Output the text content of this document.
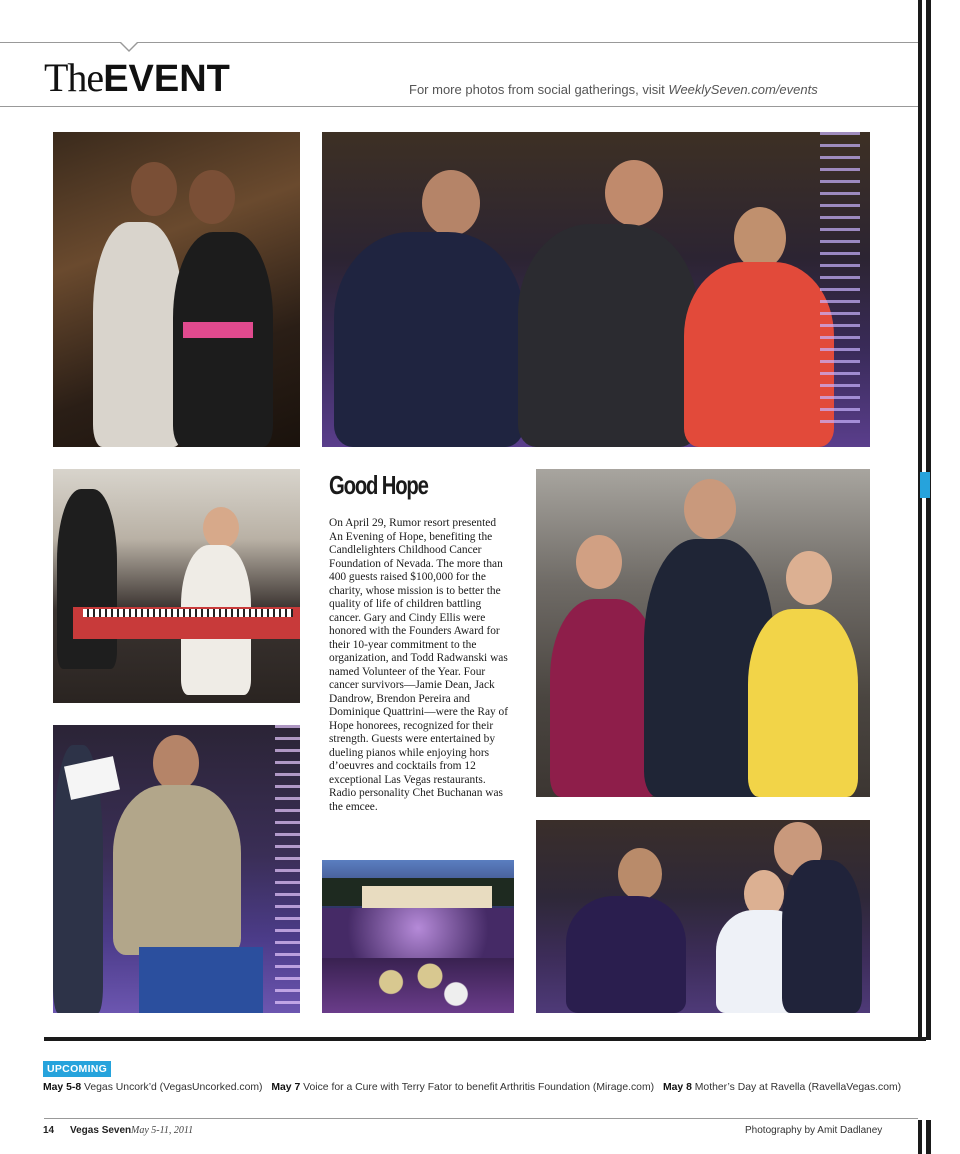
TheEVENT	For more photos from social gatherings, visit WeeklySeven.com/events
Good Hope

On April 29, Rumor resort presented An Evening of Hope, benefiting the Candlelighters Childhood Cancer Foundation of Nevada. The more than 400 guests raised $100,000 for the charity, whose mission is to better the quality of life of children battling cancer. Gary and Cindy Ellis were honored with the Founders Award for their 10-year commitment to the organization, and Todd Radwanski was named Volunteer of the Year. Four cancer survivors—Jamie Dean, Jack Dandrow, Brendon Pereira and Dominique Quattrini—were the Ray of Hope honorees, recognized for their strength. Guests were entertained by dueling pianos while enjoying hors d’oeuvres and cocktails from 12 exceptional Las Vegas restaurants. Radio personality Chet Buchanan was the emcee.

UPCOMING
May 5-8 Vegas Uncork’d (VegasUncorked.com) May 7 Voice for a Cure with Terry Fator to benefit Arthritis Foundation (Mirage.com) May 8 Mother’s Day at Ravella (RavellaVegas.com)
14 Vegas Seven May 5-11, 2011	Photography by Amit Dadlaney
